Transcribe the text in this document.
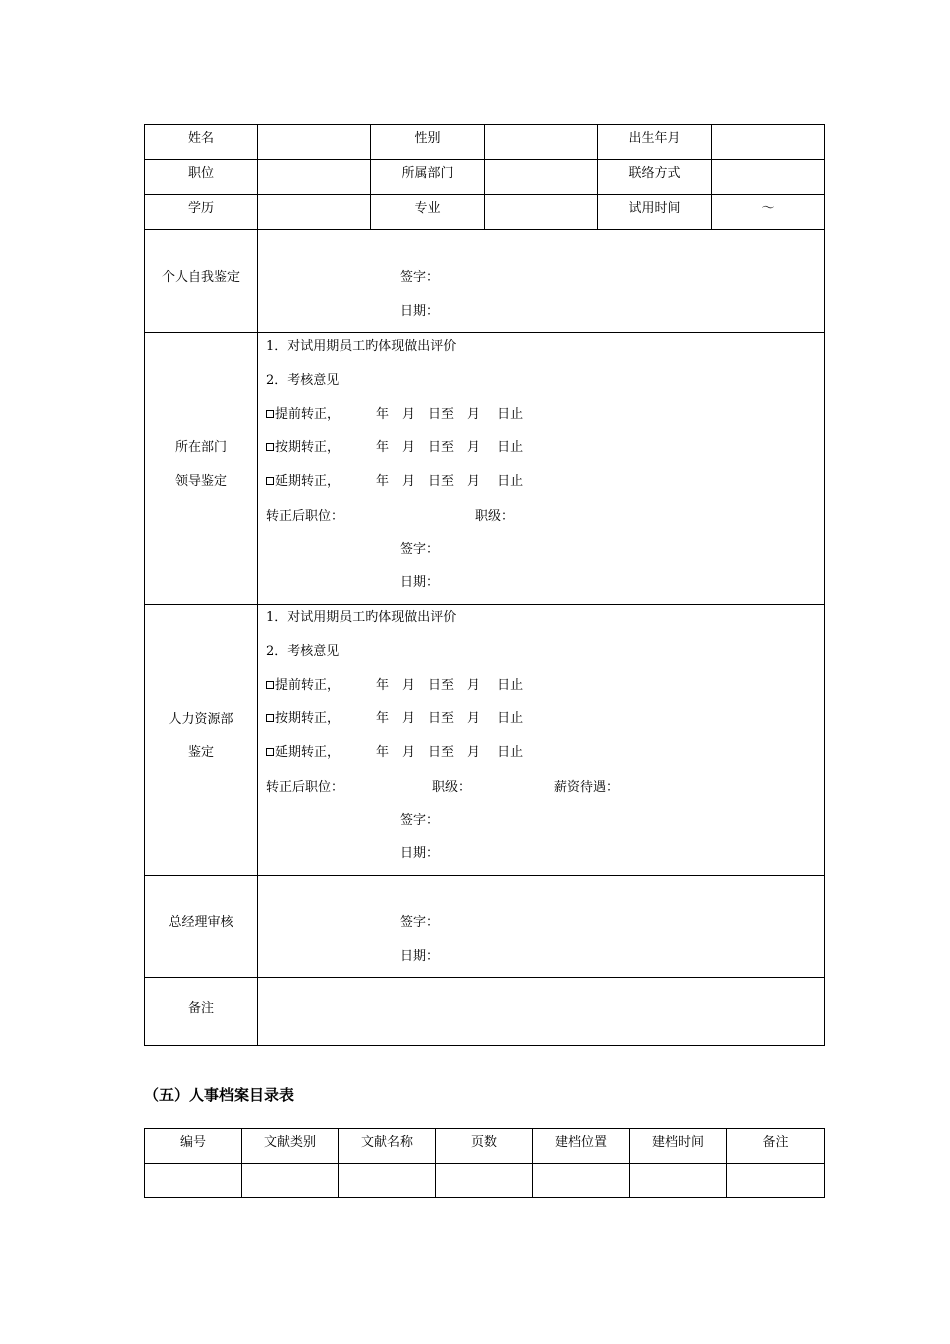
姓名	性别	出生年月
职位	所属部门	联络方式
学历	专业	试用时间	～
个人自我鉴定	签字：
日期：
所在部门
领导鉴定
1．对试用期员工旳体现做出评价
2．考核意见
提前转正，	年　月　日至　月　 日止
按期转正，	年　月　日至　月　 日止
延期转正，	年　月　日至　月　 日止
转正后职位：	职级：
签字：
日期：
人力资源部
鉴定
1．对试用期员工旳体现做出评价
2．考核意见
提前转正，	年　月　日至　月　 日止
按期转正，	年　月　日至　月　 日止
延期转正，	年　月　日至　月　 日止
转正后职位：	职级：	薪资待遇：
签字：
日期：
总经理审核	签字：
日期：
备注
（五）人事档案目录表
编号	文献类别	文献名称	页数	建档位置	建档时间	备注
